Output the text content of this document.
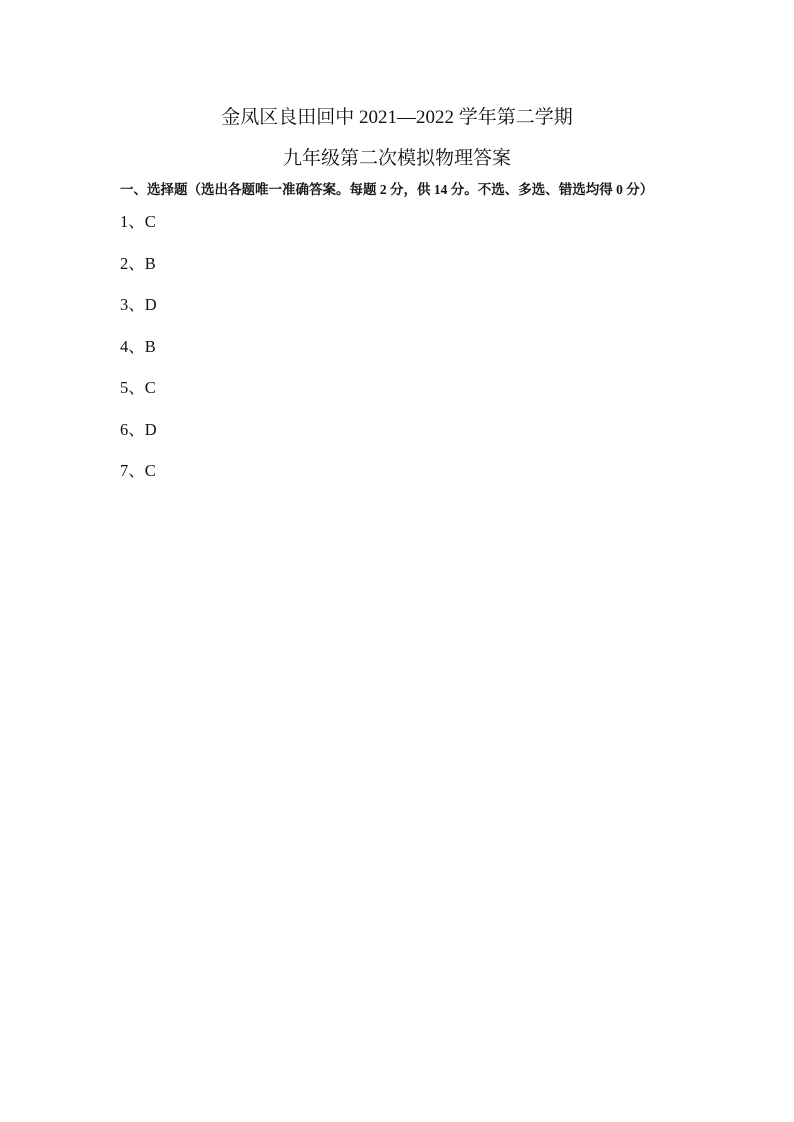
金凤区良田回中 2021—2022 学年第二学期
九年级第二次模拟物理答案
一、选择题（选出各题唯一准确答案。每题 2 分，供 14 分。不选、多选、错选均得 0 分）
1、C
2、B
3、D
4、B
5、C
6、D
7、C
